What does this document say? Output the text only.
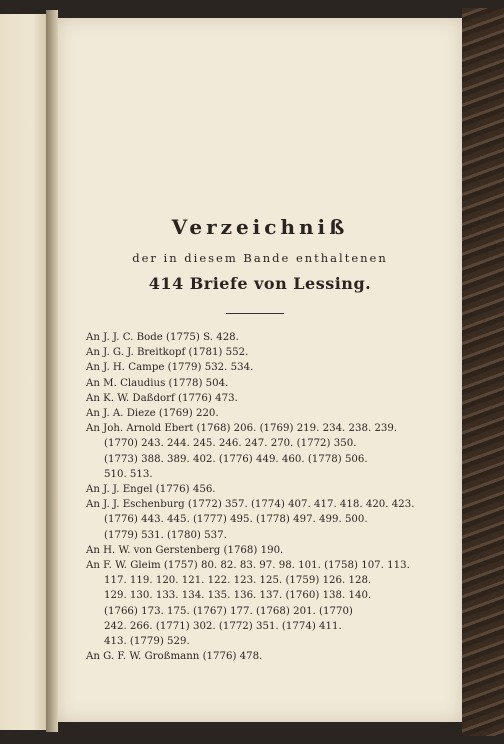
Verzeichniß
der in diesem Bande enthaltenen
414 Briefe von Lessing.
An J. J. C. Bode (1775) S. 428.
An J. G. J. Breitkopf (1781) 552.
An J. H. Campe (1779) 532. 534.
An M. Claudius (1778) 504.
An K. W. Daßdorf (1776) 473.
An J. A. Dieze (1769) 220.
An Joh. Arnold Ebert (1768) 206. (1769) 219. 234. 238. 239.
(1770) 243. 244. 245. 246. 247. 270. (1772) 350.
(1773) 388. 389. 402. (1776) 449. 460. (1778) 506.
510. 513.
An J. J. Engel (1776) 456.
An J. J. Eschenburg (1772) 357. (1774) 407. 417. 418. 420. 423.
(1776) 443. 445. (1777) 495. (1778) 497. 499. 500.
(1779) 531. (1780) 537.
An H. W. von Gerstenberg (1768) 190.
An F. W. Gleim (1757) 80. 82. 83. 97. 98. 101. (1758) 107. 113.
117. 119. 120. 121. 122. 123. 125. (1759) 126. 128.
129. 130. 133. 134. 135. 136. 137. (1760) 138. 140.
(1766) 173. 175. (1767) 177. (1768) 201. (1770)
242. 266. (1771) 302. (1772) 351. (1774) 411.
413. (1779) 529.
An G. F. W. Großmann (1776) 478.
